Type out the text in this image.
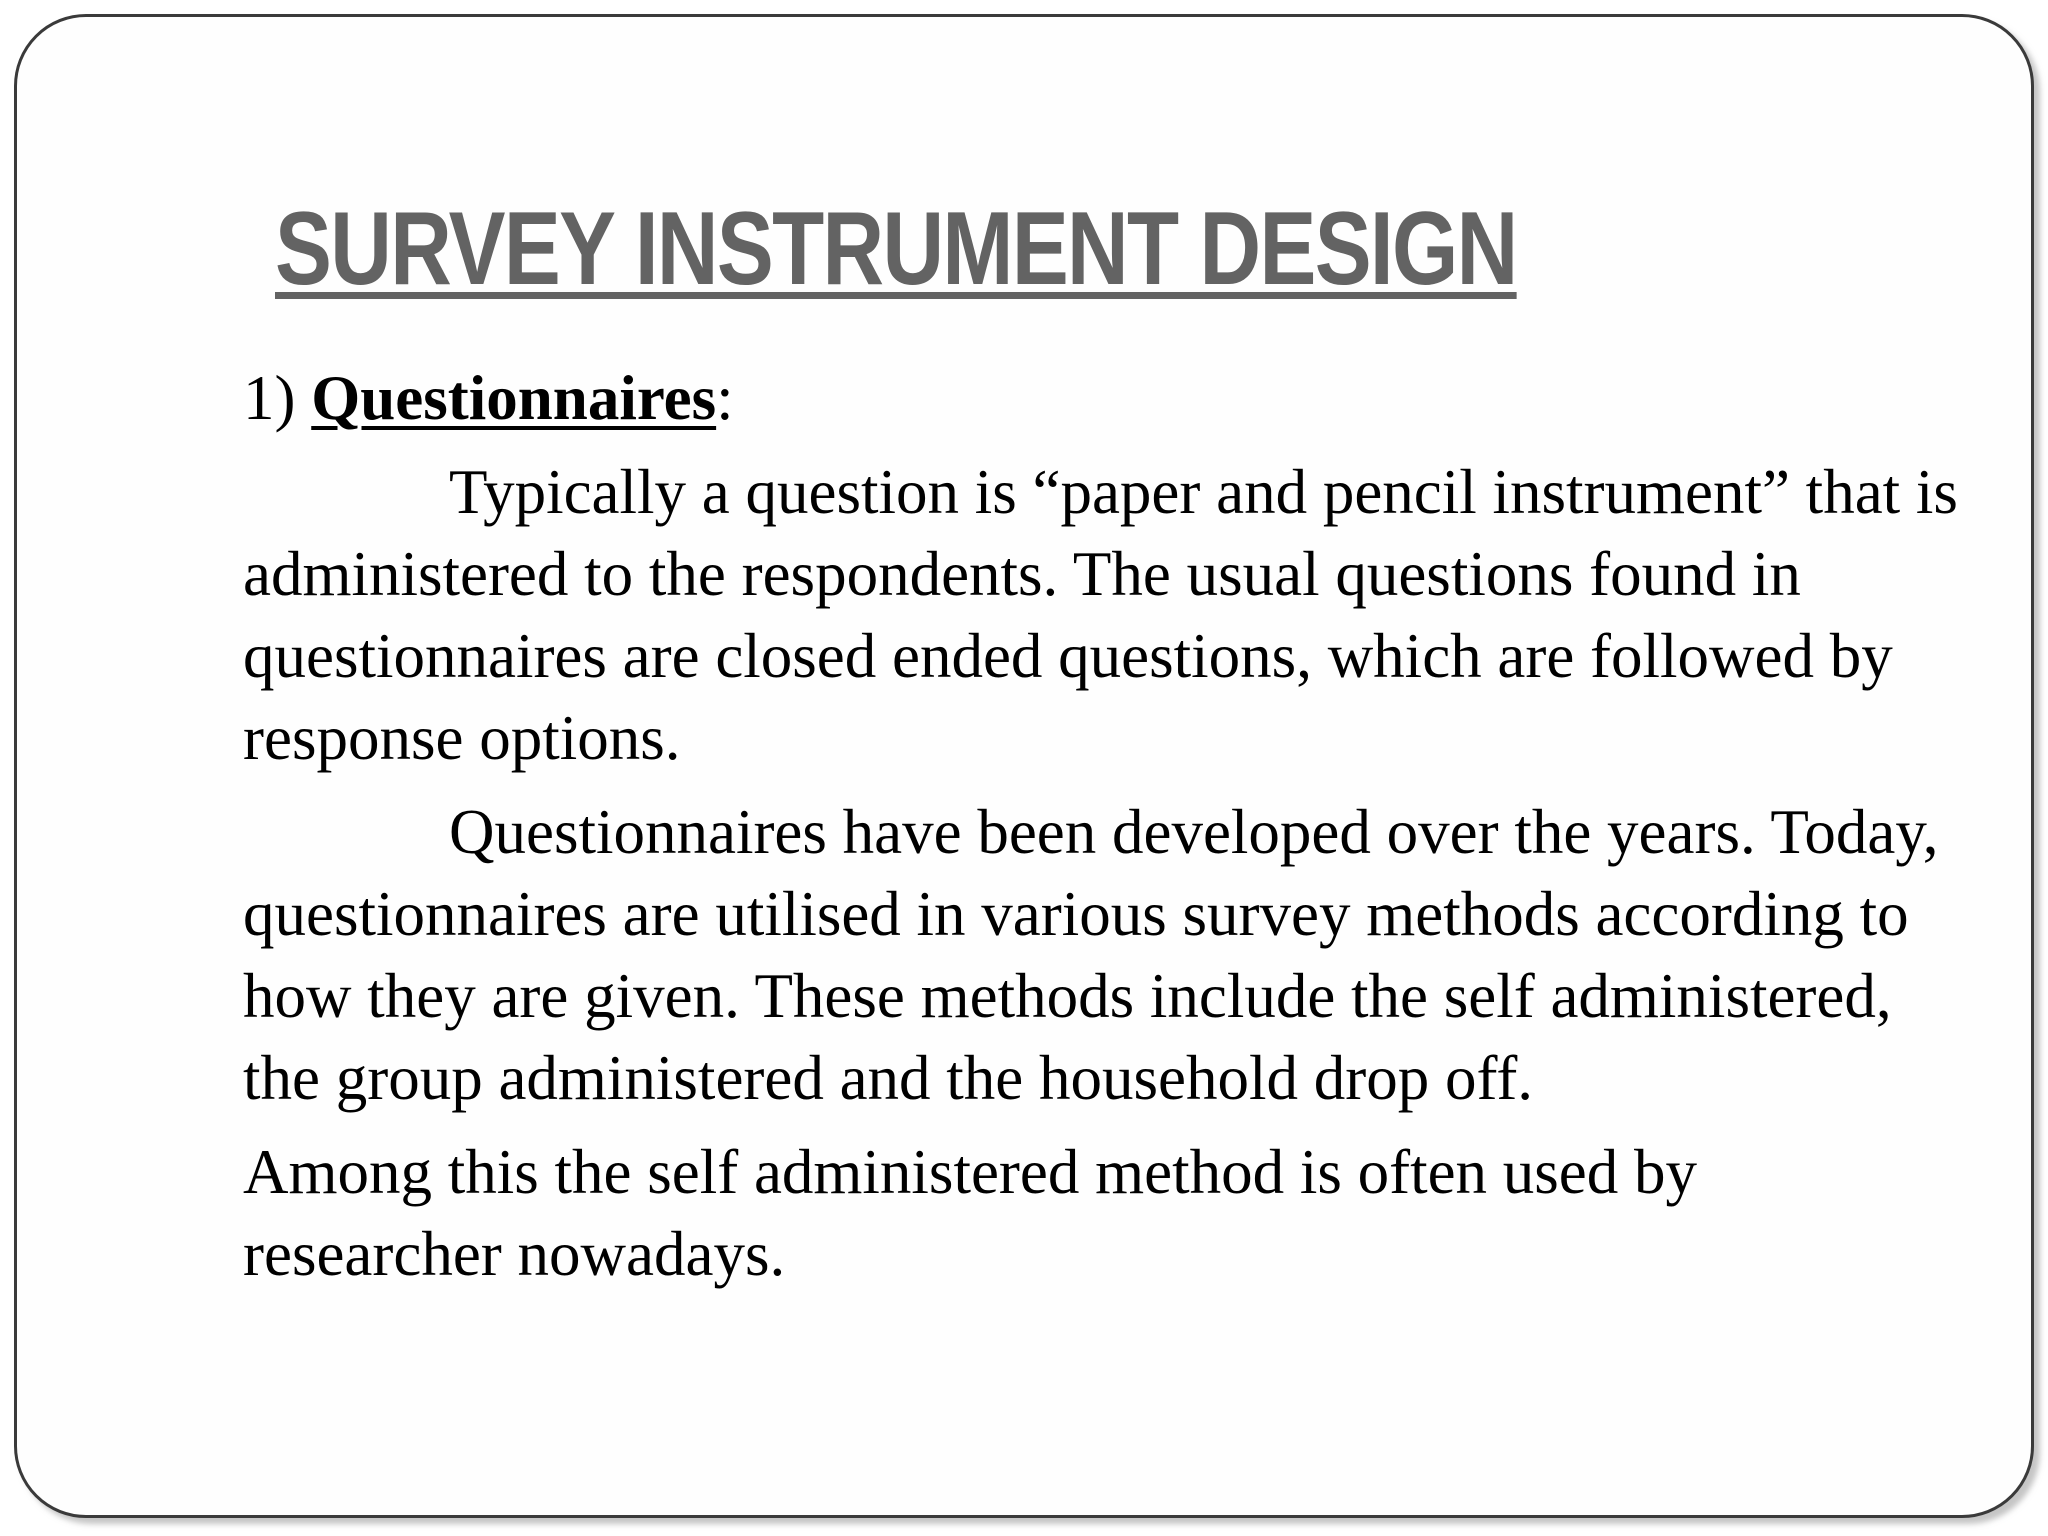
SURVEY INSTRUMENT DESIGN

1) Questionnaires:

Typically a question is “paper and pencil instrument” that is administered to the respondents. The usual questions found in questionnaires are closed ended questions, which are followed by response options.

Questionnaires have been developed over the years. Today, questionnaires are utilised in various survey methods according to how they are given. These methods include the self administered, the group administered and the household drop off.

Among this the self administered method is often used by researcher nowadays.
